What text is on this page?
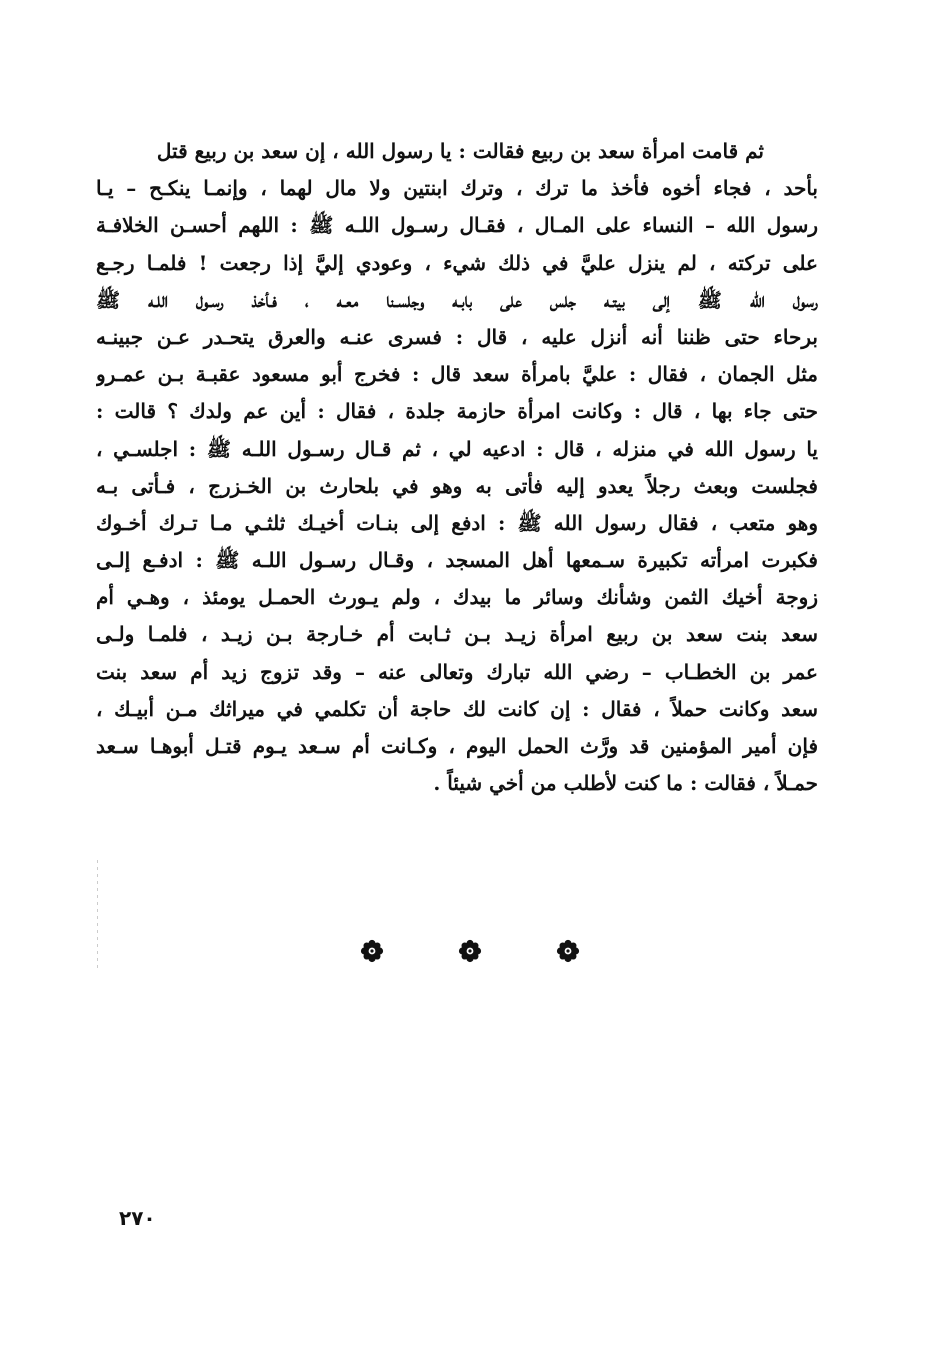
ثم قامت امرأة سعد بن ربيع فقالت : يا رسول الله ، إن سعد بن ربيع قتل
بأحد ، فجاء أخوه فأخذ ما ترك ، وترك ابنتين ولا مال لهما ، وإنمـا ينكـح – يـا
رسول الله – النساء على المـال ، فقـال رسـول اللـه ﷺ : اللهم أحسـن الخلافـة
على تركته ، لم ينزل عليَّ في ذلك شيء ، وعودي إليَّ إذا رجعت ! فلمـا رجـع
رسول الله ﷺ إلى بيتـه جلس على بابـه وجلسـنا معـه ، فـأخذ رسـول اللـه ﷺ
برحاء حتى ظننا أنه أنزل عليه ، قال : فسرى عنـه والعرق يتحـدر عـن جبينـه
مثل الجمان ، فقال : عليَّ بامرأة سعد قال : فخرج أبو مسعود عقبـة بـن عمـرو
حتى جاء بها ، قال : وكانت امرأة حازمة جلدة ، فقال : أين عم ولدك ؟ قالت :
يا رسول الله في منزله ، قال : ادعيه لي ، ثم قـال رسـول اللـه ﷺ : اجلسـي ،
فجلست وبعث رجلاً يعدو إليه فأتى به وهو في بلحارث بن الخـزرج ، فـأتى بـه
وهو متعب ، فقال رسول الله ﷺ : ادفع إلى بنـات أخيـك ثلثـي مـا تـرك أخـوك
فكبرت امرأته تكبيرة سـمعها أهل المسجد ، وقـال رسـول اللـه ﷺ : ادفـع إلـى
زوجة أخيك الثمن وشأنك وسائر ما بيدك ، ولم يـورث الحمـل يومئذ ، وهـي أم
سعد بنت سعد بن ربيع امرأة زيـد بـن ثـابت أم خـارجة بـن زيـد ، فلمـا ولـى
عمر بن الخطـاب – رضي الله تبارك وتعالى عنه – وقد تزوج زيد أم سعد بنت
سعد وكانت حملاً ، فقال : إن كانت لك حاجة أن تكلمي في ميراثك مـن أبيـك ،
فإن أمير المؤمنين قد ورَّث الحمل اليوم ، وكـانت أم سـعد يـوم قتـل أبوهـا سـعد
حمـلاً ، فقالت : ما كنت لأطلب من أخي شيئاً .
٢٧٠
